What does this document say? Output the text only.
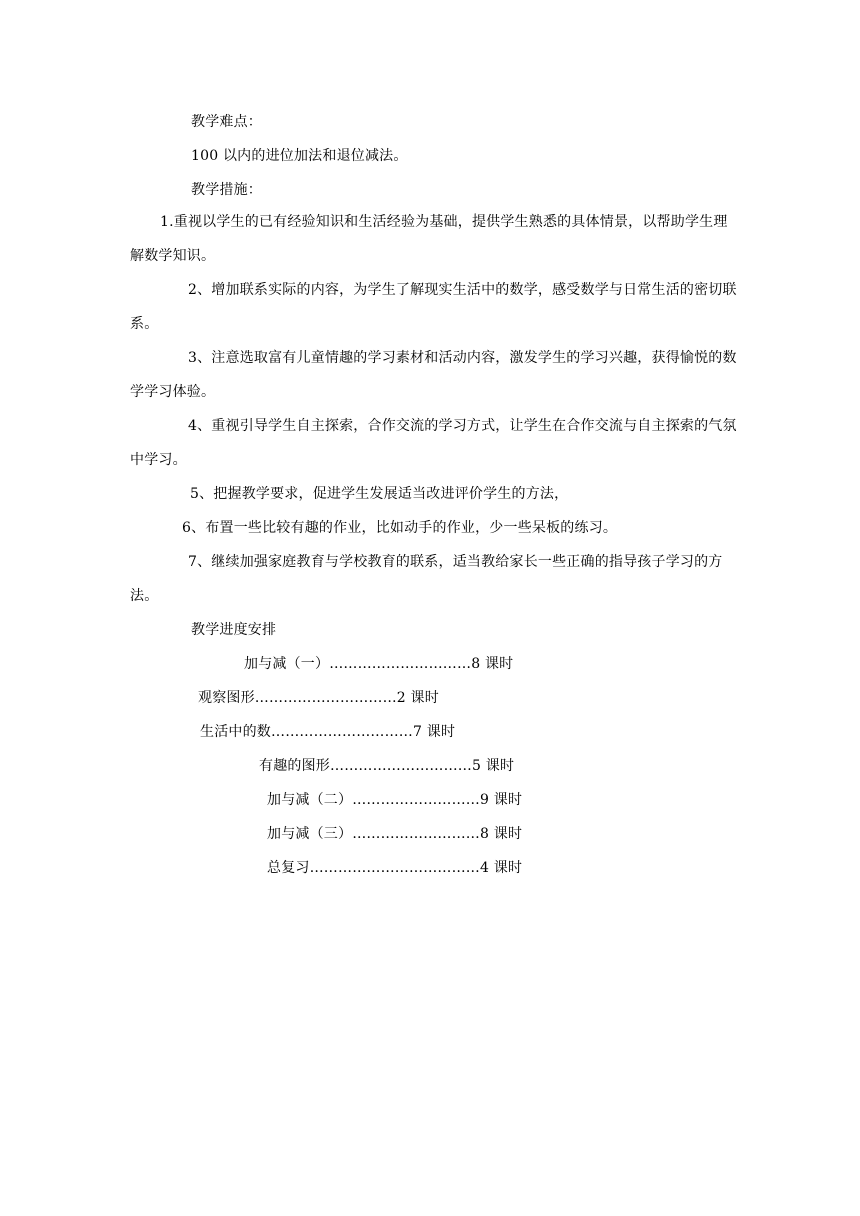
教学难点：
100 以内的进位加法和退位减法。
教学措施：
1.重视以学生的已有经验知识和生活经验为基础，提供学生熟悉的具体情景，以帮助学生理解数学知识。
2、增加联系实际的内容，为学生了解现实生活中的数学，感受数学与日常生活的密切联系。
3、注意选取富有儿童情趣的学习素材和活动内容，激发学生的学习兴趣，获得愉悦的数学学习体验。
4、重视引导学生自主探索，合作交流的学习方式，让学生在合作交流与自主探索的气氛中学习。
5、把握教学要求，促进学生发展适当改进评价学生的方法，
6、布置一些比较有趣的作业，比如动手的作业，少一些呆板的练习。
7、继续加强家庭教育与学校教育的联系，适当教给家长一些正确的指导孩子学习的方法。
教学进度安排
加与减（一）…………………………8 课时
观察图形…………………………2 课时
生活中的数…………………………7 课时
有趣的图形…………………………5 课时
加与减（二）………………………9 课时
加与减（三）………………………8 课时
总复习………………………………4 课时
